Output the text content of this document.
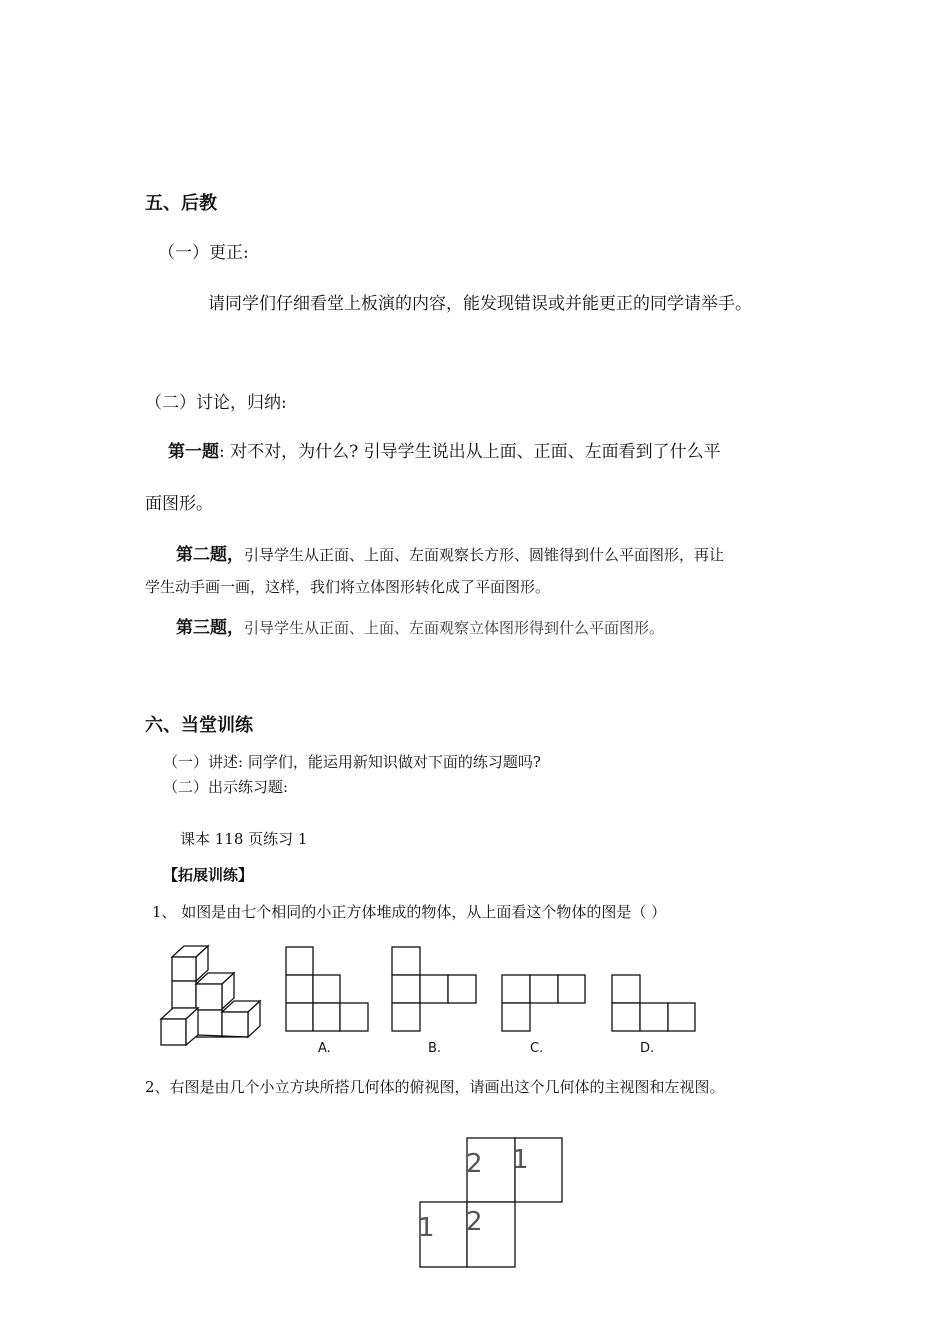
五、后教
（一）更正:
请同学们仔细看堂上板演的内容，能发现错误或并能更正的同学请举手。
（二）讨论，归纳:
第一题: 对不对，为什么? 引导学生说出从上面、正面、左面看到了什么平
面图形。
第二题，引导学生从正面、上面、左面观察长方形、圆锥得到什么平面图形，再让
学生动手画一画，这样，我们将立体图形转化成了平面图形。
第三题，引导学生从正面、上面、左面观察立体图形得到什么平面图形。
六、当堂训练
（一）讲述: 同学们，能运用新知识做对下面的练习题吗?
（二）出示练习题:
课本 118 页练习 1
【拓展训练】
1、 如图是由七个相同的小正方体堆成的物体，从上面看这个物体的图是（ ）
2 1
1 2
A.	B.	C.	D.
2、右图是由几个小立方块所搭几何体的俯视图，请画出这个几何体的主视图和左视图。
